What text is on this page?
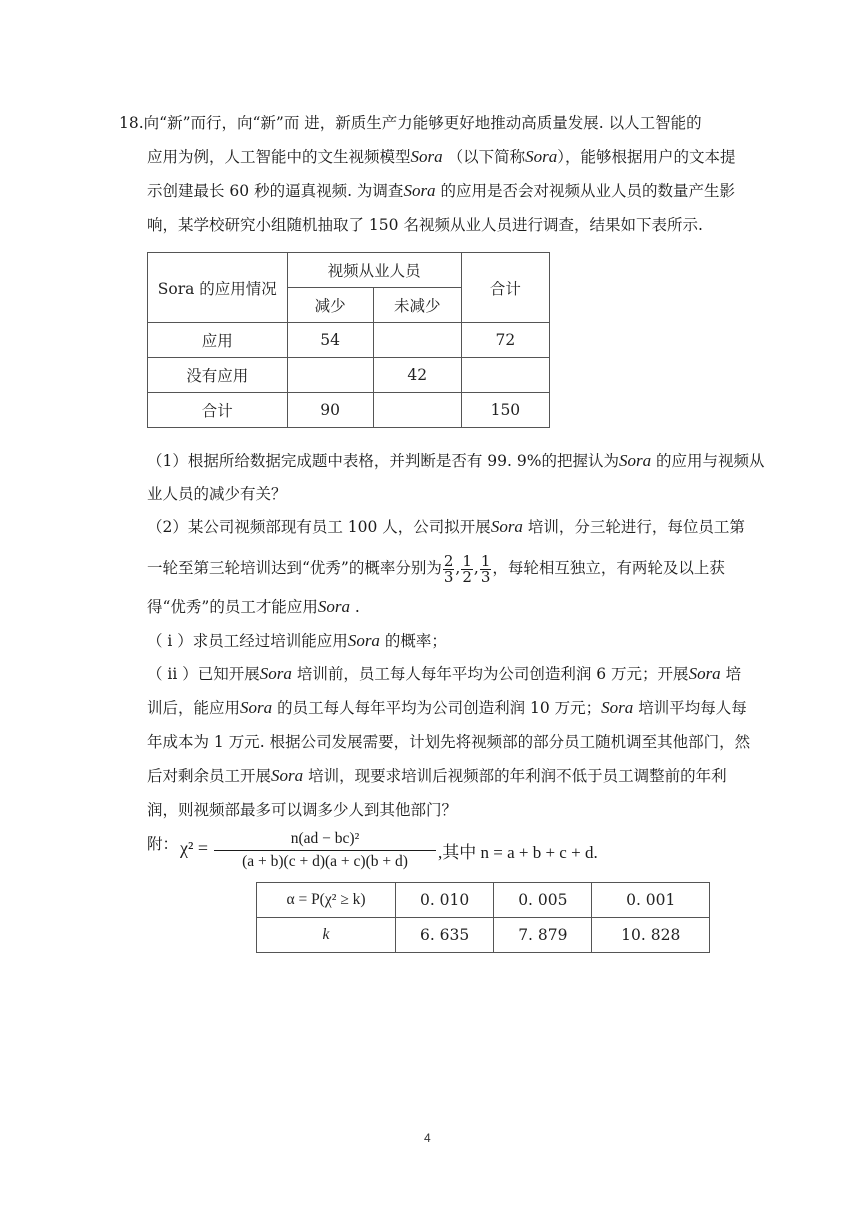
18.向“新”而行，向“新”而 进，新质生产力能够更好地推动高质量发展. 以人工智能的
应用为例，人工智能中的文生视频模型Sora （以下简称Sora），能够根据用户的文本提
示创建最长 60 秒的逼真视频. 为调查Sora 的应用是否会对视频从业人员的数量产生影
响，某学校研究小组随机抽取了 150 名视频从业人员进行调查，结果如下表所示.
Sora 的应用情况	视频从业人员		合计
	减少	未减少	
应用	54		72
没有应用		42	
合计	90		150
（1）根据所给数据完成题中表格，并判断是否有 99. 9%的把握认为Sora 的应用与视频从
业人员的减少有关？
（2）某公司视频部现有员工 100 人，公司拟开展Sora 培训，分三轮进行，每位员工第
一轮至第三轮培训达到“优秀”的概率分别为 $\frac{2}{3}$ , $\frac{1}{2}$ , $\frac{1}{3}$ ，每轮相互独立，有两轮及以上获
得“优秀”的员工才能应用Sora .
（ i ）求员工经过培训能应用Sora 的概率；
（ ii ）已知开展Sora 培训前，员工每人每年平均为公司创造利润 6 万元；开展Sora 培
训后，能应用Sora 的员工每人每年平均为公司创造利润 10 万元；Sora 培训平均每人每
年成本为 1 万元. 根据公司发展需要，计划先将视频部的部分员工随机调至其他部门，然
后对剩余员工开展Sora 培训，现要求培训后视频部的年利润不低于员工调整前的年利
润，则视频部最多可以调多少人到其他部门？
附： $\chi^2 = \frac{\text{n(ad − bc)²}}{(a + b)(c + d)(a + c)(b + d)}$ ,其中 n = a + b + c + d.
α = P(χ² ≥ k)	0. 010	0. 005	0. 001
k	6. 635	7. 879	10. 828
4
